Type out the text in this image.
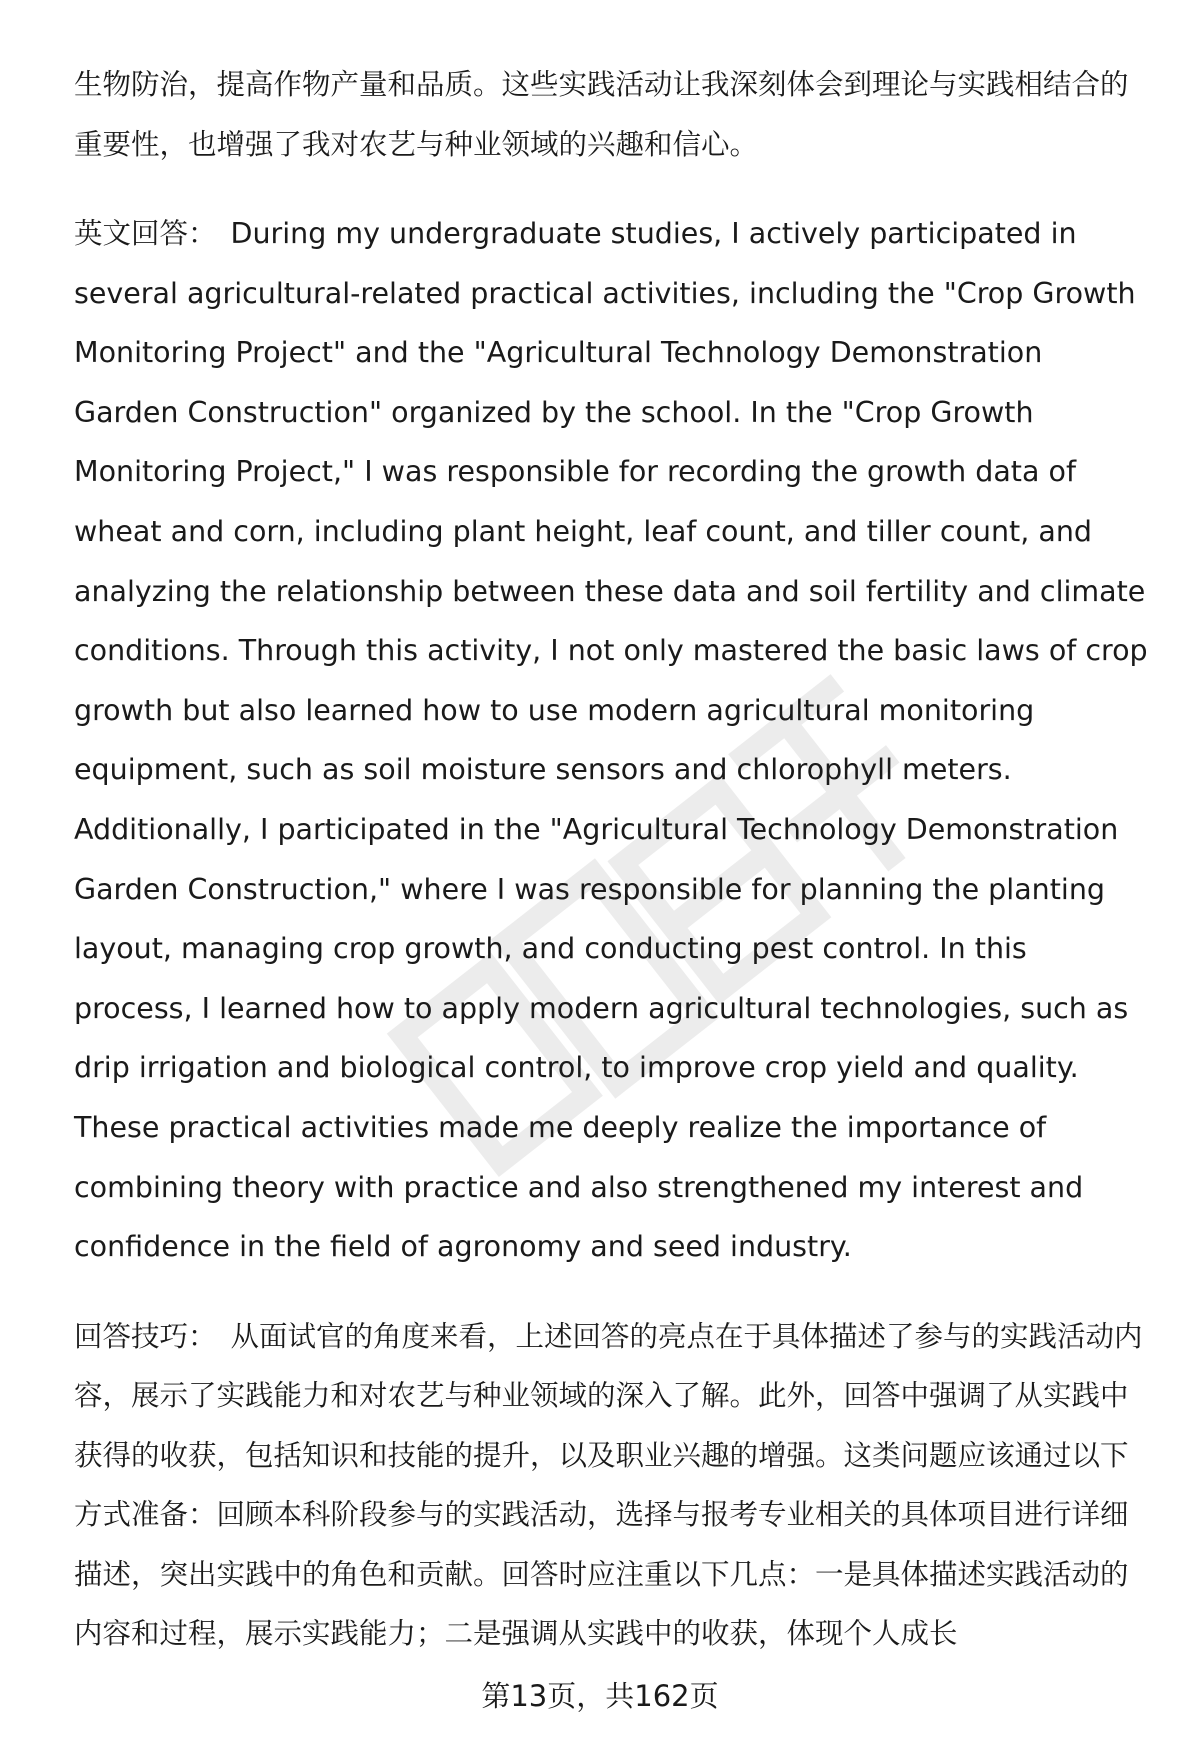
生物防治，提高作物产量和品质。这些实践活动让我深刻体会到理论与实践相结合的重要性，也增强了我对农艺与种业领域的兴趣和信心。

英文回答： During my undergraduate studies, I actively participated in several agricultural-related practical activities, including the "Crop Growth Monitoring Project" and the "Agricultural Technology Demonstration Garden Construction" organized by the school. In the "Crop Growth Monitoring Project," I was responsible for recording the growth data of wheat and corn, including plant height, leaf count, and tiller count, and analyzing the relationship between these data and soil fertility and climate conditions. Through this activity, I not only mastered the basic laws of crop growth but also learned how to use modern agricultural monitoring equipment, such as soil moisture sensors and chlorophyll meters. Additionally, I participated in the "Agricultural Technology Demonstration Garden Construction," where I was responsible for planning the planting layout, managing crop growth, and conducting pest control. In this process, I learned how to apply modern agricultural technologies, such as drip irrigation and biological control, to improve crop yield and quality. These practical activities made me deeply realize the importance of combining theory with practice and also strengthened my interest and confidence in the field of agronomy and seed industry.

回答技巧： 从面试官的角度来看，上述回答的亮点在于具体描述了参与的实践活动内容，展示了实践能力和对农艺与种业领域的深入了解。此外，回答中强调了从实践中获得的收获，包括知识和技能的提升，以及职业兴趣的增强。这类问题应该通过以下方式准备：回顾本科阶段参与的实践活动，选择与报考专业相关的具体项目进行详细描述，突出实践中的角色和贡献。回答时应注重以下几点：一是具体描述实践活动的内容和过程，展示实践能力；二是强调从实践中的收获，体现个人成长

第13页，共162页
